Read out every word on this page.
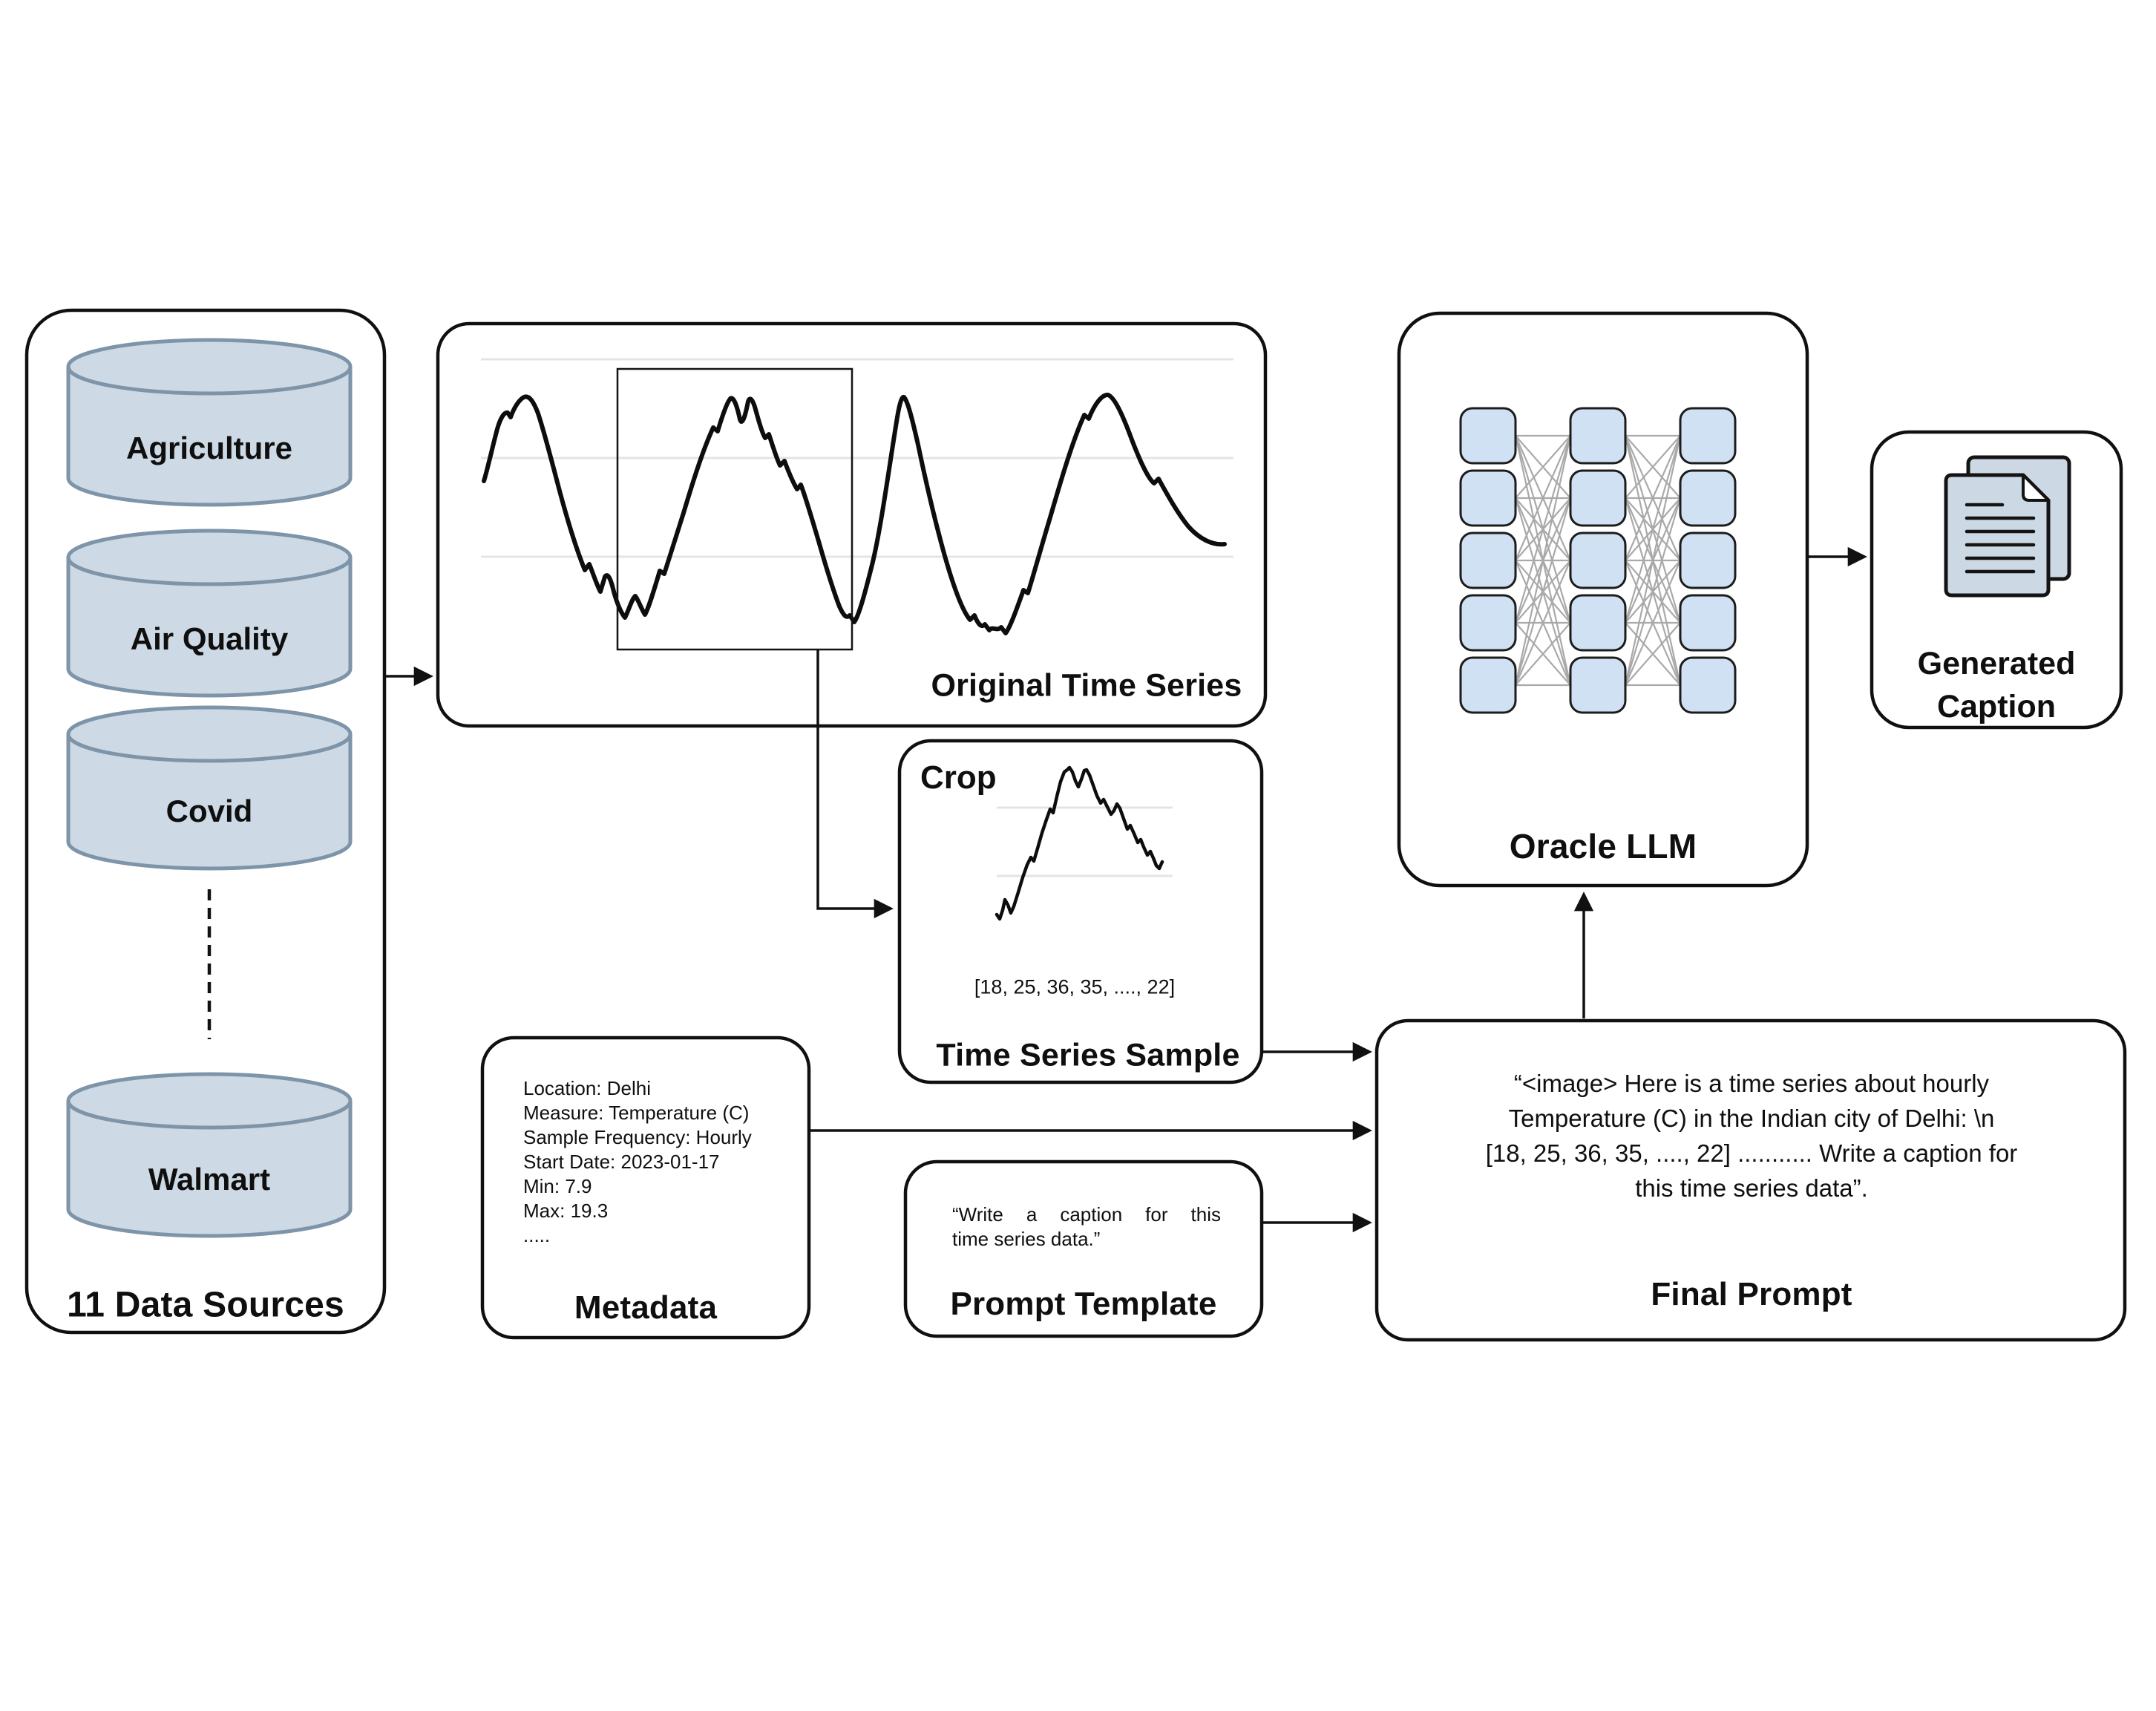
Agriculture
Air Quality
Covid
Walmart
11 Data Sources
Original Time Series
Crop
[18, 25, 36, 35, ...., 22]
Time Series Sample
Location: Delhi
Measure: Temperature (C)
Sample Frequency: Hourly
Start Date: 2023-01-17
Min: 7.9
Max: 19.3
.....
Metadata
“Write a caption for this
time series data.”
Prompt Template
“<image> Here is a time series about hourly
Temperature (C) in the Indian city of Delhi: \n
[18, 25, 36, 35, ...., 22] ........... Write a caption for
this time series data”.
Final Prompt
Oracle LLM
Generated Caption
